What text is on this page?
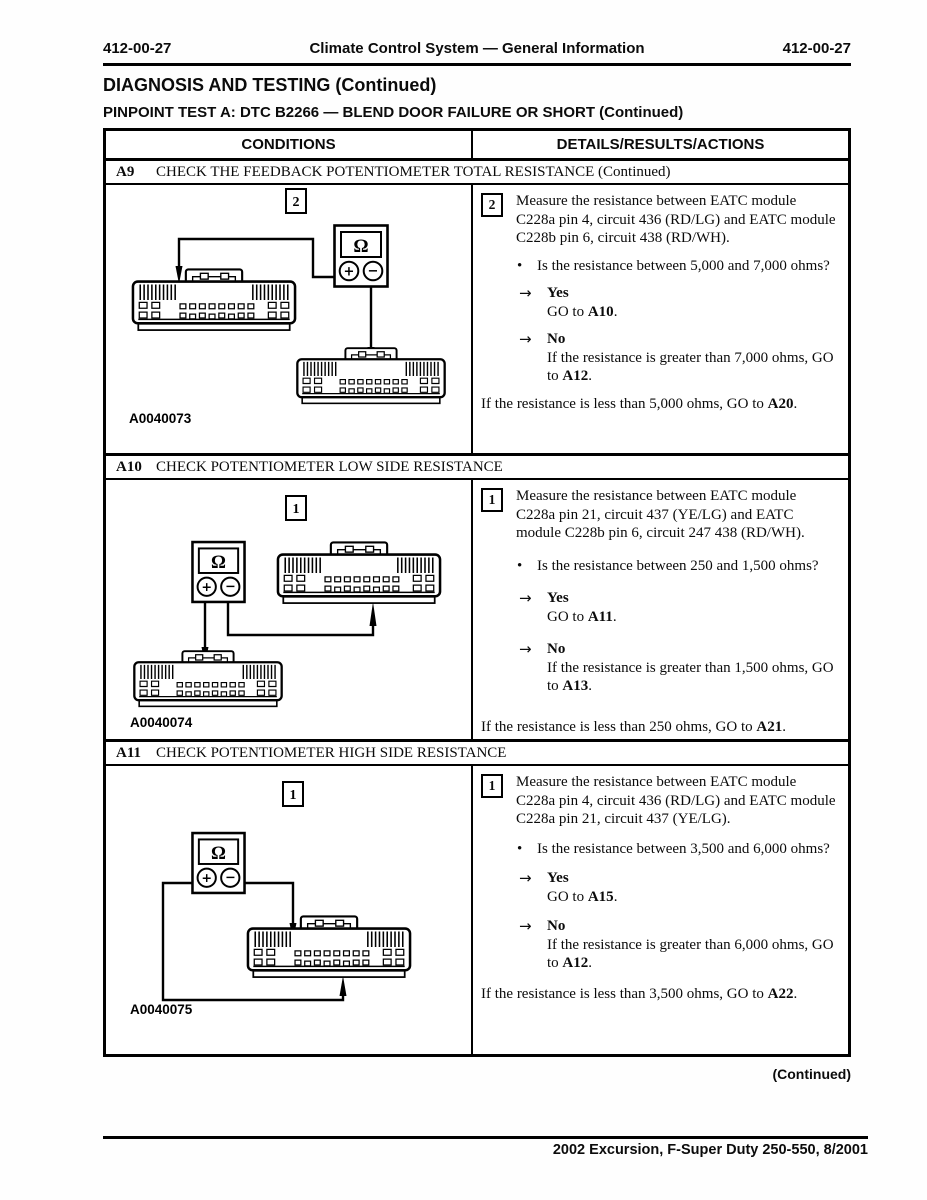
412-00-27	Climate Control System — General Information	412-00-27
DIAGNOSIS AND TESTING (Continued)
PINPOINT TEST A: DTC B2266 — BLEND DOOR FAILURE OR SHORT (Continued)
CONDITIONS	DETAILS/RESULTS/ACTIONS
A9	CHECK THE FEEDBACK POTENTIOMETER TOTAL RESISTANCE (Continued)
2
A0040073
2	Measure the resistance between EATC module C228a pin 4, circuit 436 (RD/LG) and EATC module C228b pin 6, circuit 438 (RD/WH).

• Is the resistance between 5,000 and 7,000 ohms?

→	Yes

GO to A10.

→	No

If the resistance is greater than 7,000 ohms, GO to A12.

If the resistance is less than 5,000 ohms, GO to A20.

A10 CHECK POTENTIOMETER LOW SIDE RESISTANCE
1
A0040074
1	Measure the resistance between EATC module C228a pin 21, circuit 437 (YE/LG) and EATC module C228b pin 6, circuit 247 438 (RD/WH).

• Is the resistance between 250 and 1,500 ohms?

→	Yes

GO to A11.

→	No

If the resistance is greater than 1,500 ohms, GO to A13.

If the resistance is less than 250 ohms, GO to A21.

A11 CHECK POTENTIOMETER HIGH SIDE RESISTANCE
1
A0040075
1	Measure the resistance between EATC module C228a pin 4, circuit 436 (RD/LG) and EATC module C228a pin 21, circuit 437 (YE/LG).

• Is the resistance between 3,500 and 6,000 ohms?

→	Yes

GO to A15.

→	No

If the resistance is greater than 6,000 ohms, GO to A12.

If the resistance is less than 3,500 ohms, GO to A22.

(Continued)
2002 Excursion, F-Super Duty 250-550, 8/2001
